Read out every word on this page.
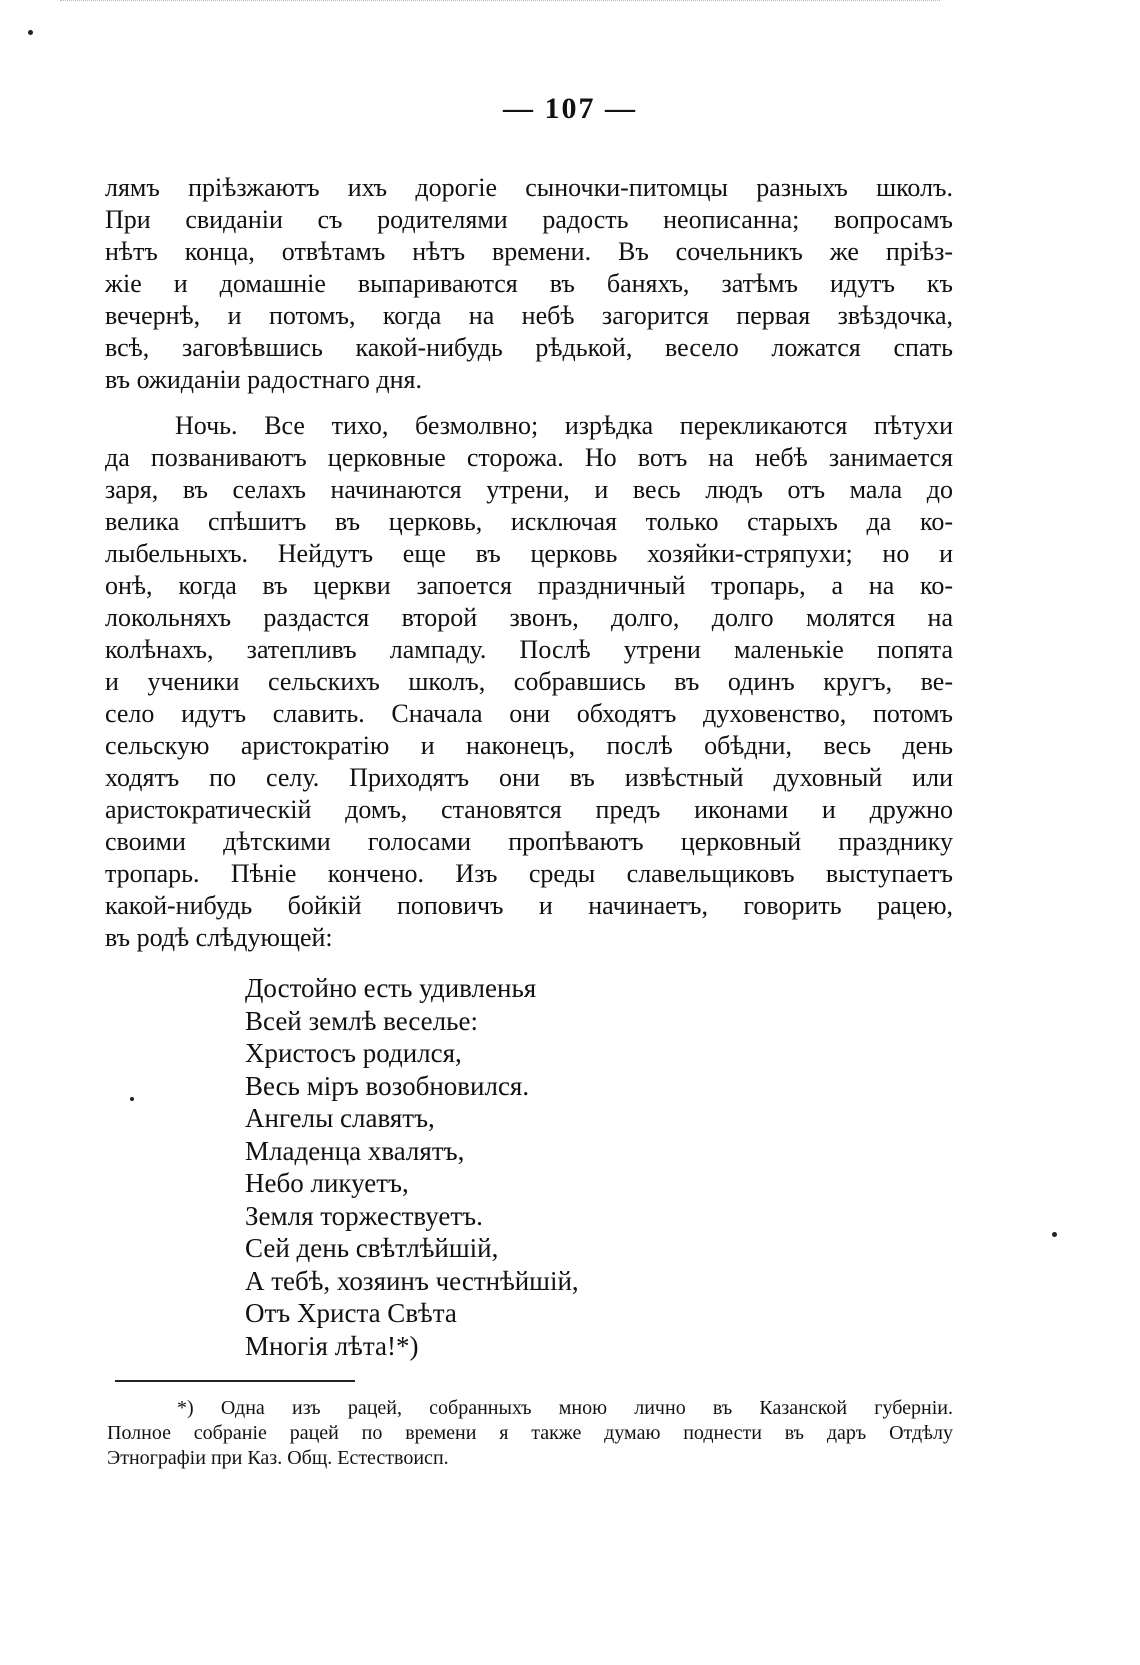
— 107 —
лямъ пріѣзжаютъ ихъ дорогіе сыночки-питомцы разныхъ школъ.
При свиданіи съ родителями радость неописанна; вопросамъ
нѣтъ конца, отвѣтамъ нѣтъ времени. Въ сочельникъ же пріѣз-
жіе и домашніе выпариваются въ баняхъ, затѣмъ идутъ къ
вечернѣ, и потомъ, когда на небѣ загорится первая звѣздочка,
всѣ, заговѣвшись какой-нибудь рѣдькой, весело ложатся спать
въ ожиданіи радостнаго дня.
Ночь. Все тихо, безмолвно; изрѣдка перекликаются пѣтухи
да позваниваютъ церковные сторожа. Но вотъ на небѣ занимается
заря, въ селахъ начинаются утрени, и весь людъ отъ мала до
велика спѣшитъ въ церковь, исключая только старыхъ да ко-
лыбельныхъ. Нейдутъ еще въ церковь хозяйки-стряпухи; но и
онѣ, когда въ церкви запоется праздничный тропарь, а на ко-
локольняхъ раздастся второй звонъ, долго, долго молятся на
колѣнахъ, затепливъ лампаду. Послѣ утрени маленькіе попята
и ученики сельскихъ школъ, собравшись въ одинъ кругъ, ве-
село идутъ славить. Сначала они обходятъ духовенство, потомъ
сельскую аристократію и наконецъ, послѣ обѣдни, весь день
ходятъ по селу. Приходятъ они въ извѣстный духовный или
аристократическій домъ, становятся предъ иконами и дружно
своими дѣтскими голосами пропѣваютъ церковный празднику
тропарь. Пѣніе кончено. Изъ среды славельщиковъ выступаетъ
какой-нибудь бойкій поповичъ и начинаетъ, говорить рацею,
въ родѣ слѣдующей:
Достойно есть удивленья
Всей землѣ веселье:
Христосъ родился,
Весь міръ возобновился.
Ангелы славятъ,
Младенца хвалятъ,
Небо ликуетъ,
Земля торжествуетъ.
Сей день свѣтлѣйшій,
А тебѣ, хозяинъ честнѣйшій,
Отъ Христа Свѣта
Многія лѣта!*)
*) Одна изъ рацей, собранныхъ мною лично въ Казанской губерніи.
Полное собраніе рацей по времени я также думаю поднести въ даръ Отдѣлу
Этнографіи при Каз. Общ. Естествоисп.
